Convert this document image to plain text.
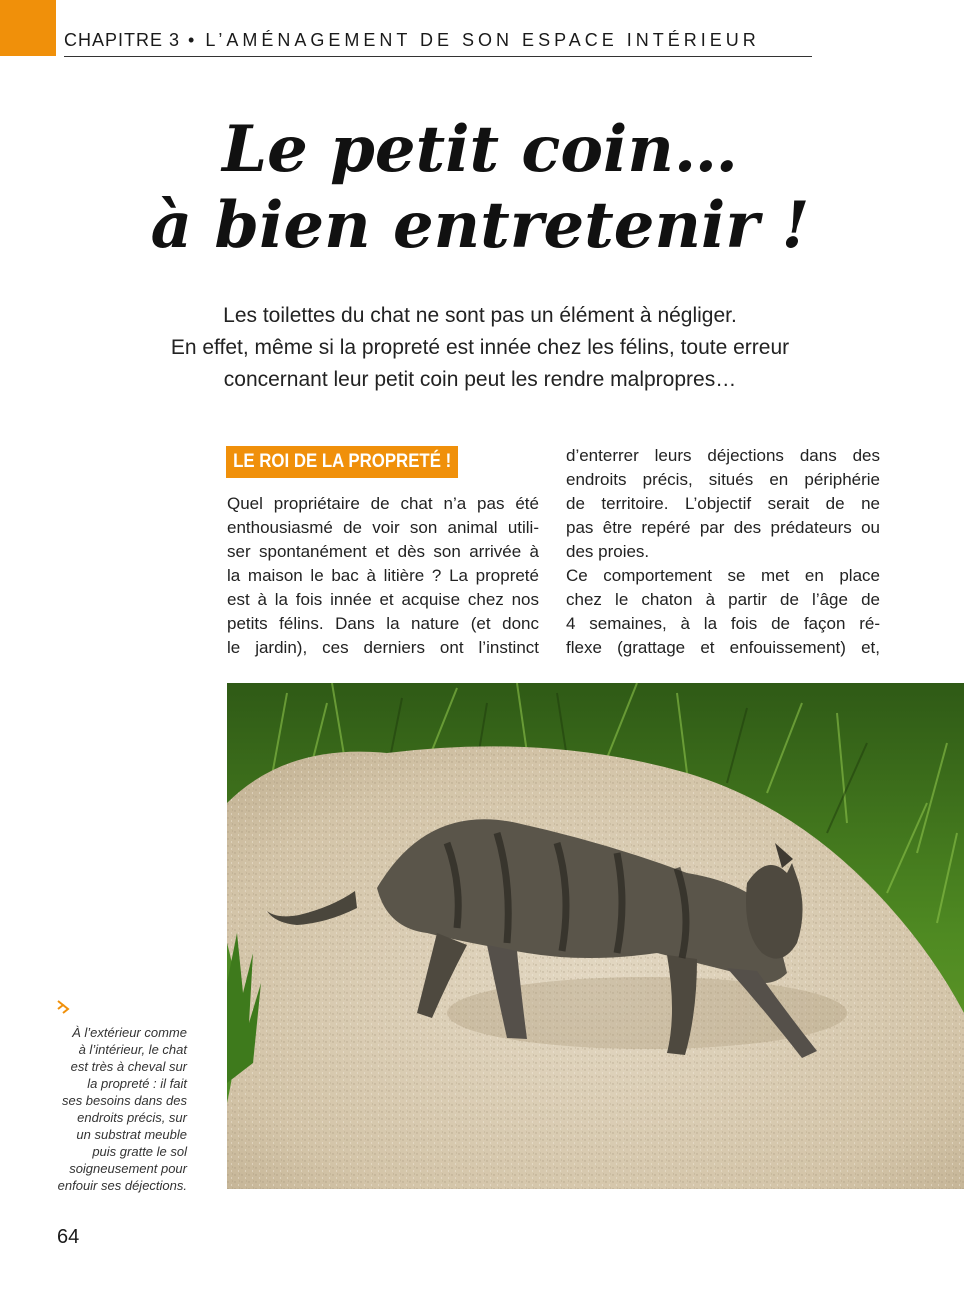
CHAPITRE 3 • L’AMÉNAGEMENT DE SON ESPACE INTÉRIEUR
Le petit coin…
à bien entretenir !

Les toilettes du chat ne sont pas un élément à négliger.
En effet, même si la propreté est innée chez les félins, toute erreur
concernant leur petit coin peut les rendre malpropres…

LE ROI DE LA PROPRETÉ !

Quel propriétaire de chat n’a pas été
enthousiasmé de voir son animal utili-
ser spontanément et dès son arrivée à
la maison le bac à litière ? La propreté
est à la fois innée et acquise chez nos
petits félins. Dans la nature (et donc
le jardin), ces derniers ont l’instinct

d’enterrer leurs déjections dans des
endroits précis, situés en périphérie
de territoire. L’objectif serait de ne
pas être repéré par des prédateurs ou
des proies.
Ce comportement se met en place
chez le chaton à partir de l’âge de
4 semaines, à la fois de façon ré-
flexe (grattage et enfouissement) et,

À l’extérieur comme
à l’intérieur, le chat
est très à cheval sur
la propreté : il fait
ses besoins dans des
endroits précis, sur
un substrat meuble
puis gratte le sol
soigneusement pour
enfouir ses déjections.

64
